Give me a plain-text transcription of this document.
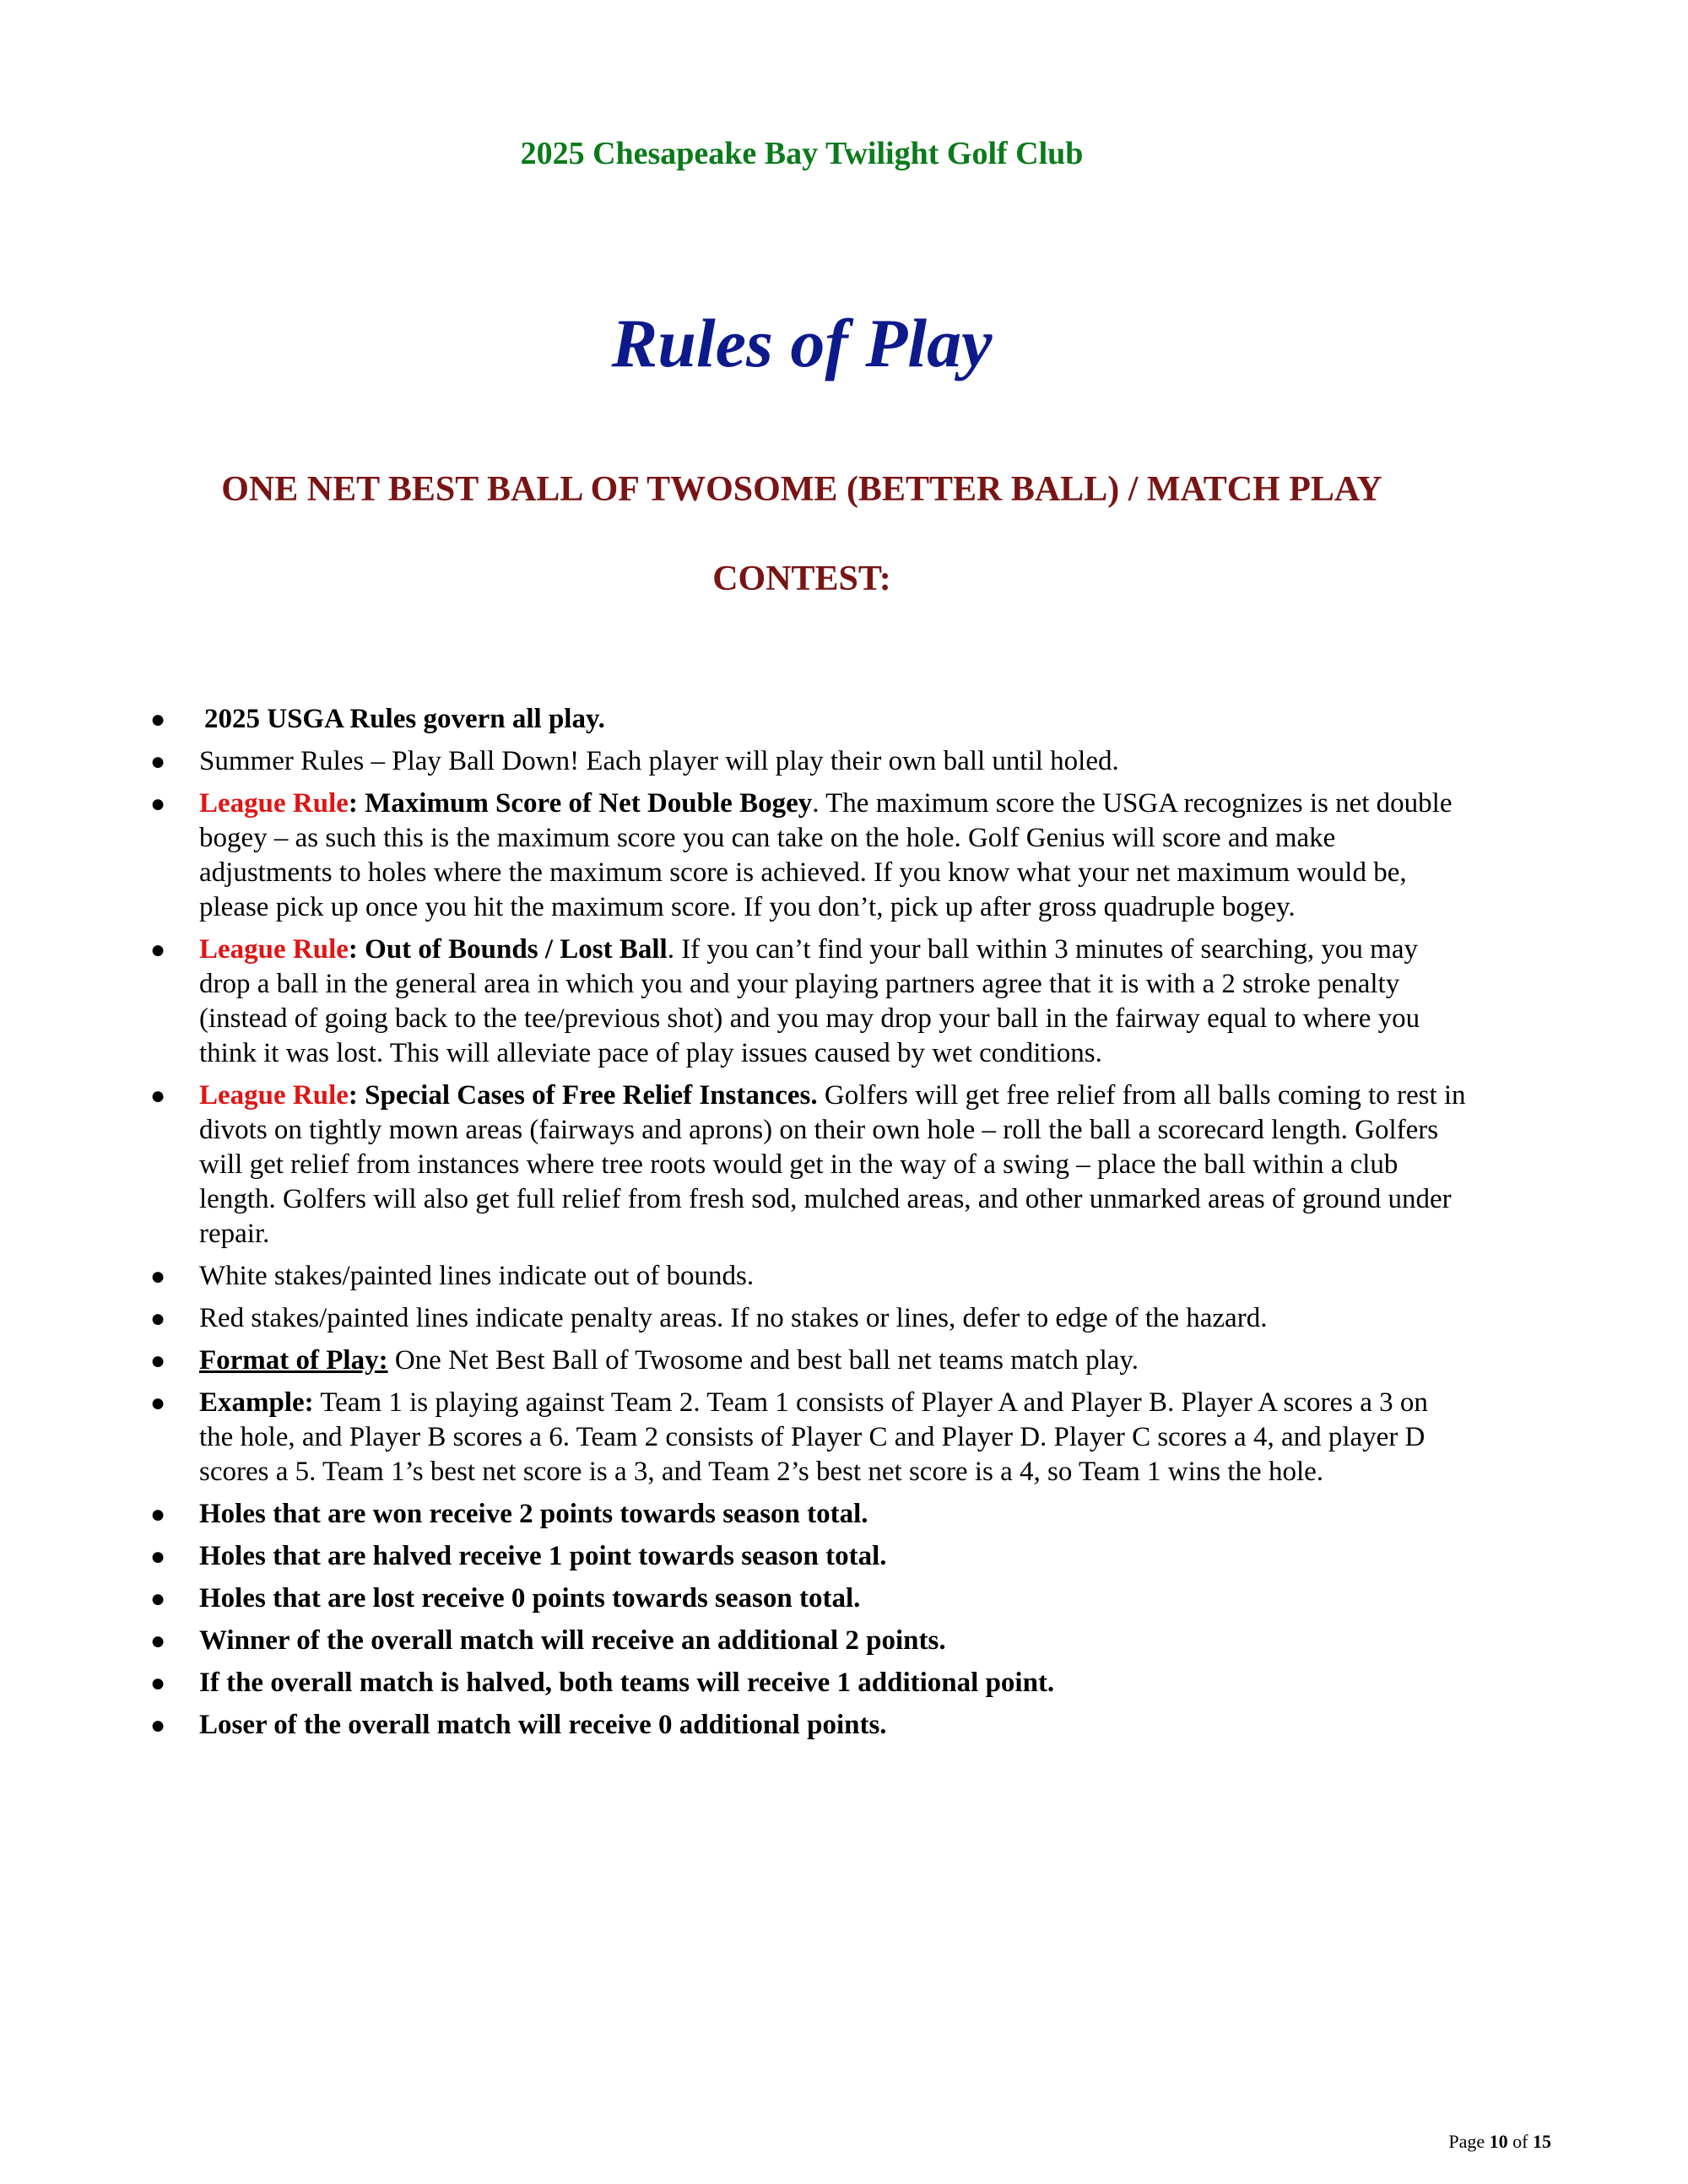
2025 Chesapeake Bay Twilight Golf Club
Rules of Play
ONE NET BEST BALL OF TWOSOME (BETTER BALL) / MATCH PLAY
CONTEST:
● 2025 USGA Rules govern all play.
● Summer Rules – Play Ball Down! Each player will play their own ball until holed.
● League Rule: Maximum Score of Net Double Bogey. The maximum score the USGA recognizes is net double bogey – as such this is the maximum score you can take on the hole. Golf Genius will score and make adjustments to holes where the maximum score is achieved. If you know what your net maximum would be, please pick up once you hit the maximum score. If you don’t, pick up after gross quadruple bogey.
● League Rule: Out of Bounds / Lost Ball. If you can’t find your ball within 3 minutes of searching, you may drop a ball in the general area in which you and your playing partners agree that it is with a 2 stroke penalty (instead of going back to the tee/previous shot) and you may drop your ball in the fairway equal to where you think it was lost. This will alleviate pace of play issues caused by wet conditions.
● League Rule: Special Cases of Free Relief Instances. Golfers will get free relief from all balls coming to rest in divots on tightly mown areas (fairways and aprons) on their own hole – roll the ball a scorecard length. Golfers will get relief from instances where tree roots would get in the way of a swing – place the ball within a club length. Golfers will also get full relief from fresh sod, mulched areas, and other unmarked areas of ground under repair.
● White stakes/painted lines indicate out of bounds.
● Red stakes/painted lines indicate penalty areas. If no stakes or lines, defer to edge of the hazard.
● Format of Play: One Net Best Ball of Twosome and best ball net teams match play.
● Example: Team 1 is playing against Team 2. Team 1 consists of Player A and Player B. Player A scores a 3 on the hole, and Player B scores a 6. Team 2 consists of Player C and Player D. Player C scores a 4, and player D scores a 5. Team 1’s best net score is a 3, and Team 2’s best net score is a 4, so Team 1 wins the hole.
● Holes that are won receive 2 points towards season total.
● Holes that are halved receive 1 point towards season total.
● Holes that are lost receive 0 points towards season total.
● Winner of the overall match will receive an additional 2 points.
● If the overall match is halved, both teams will receive 1 additional point.
● Loser of the overall match will receive 0 additional points.
Page 10 of 15
